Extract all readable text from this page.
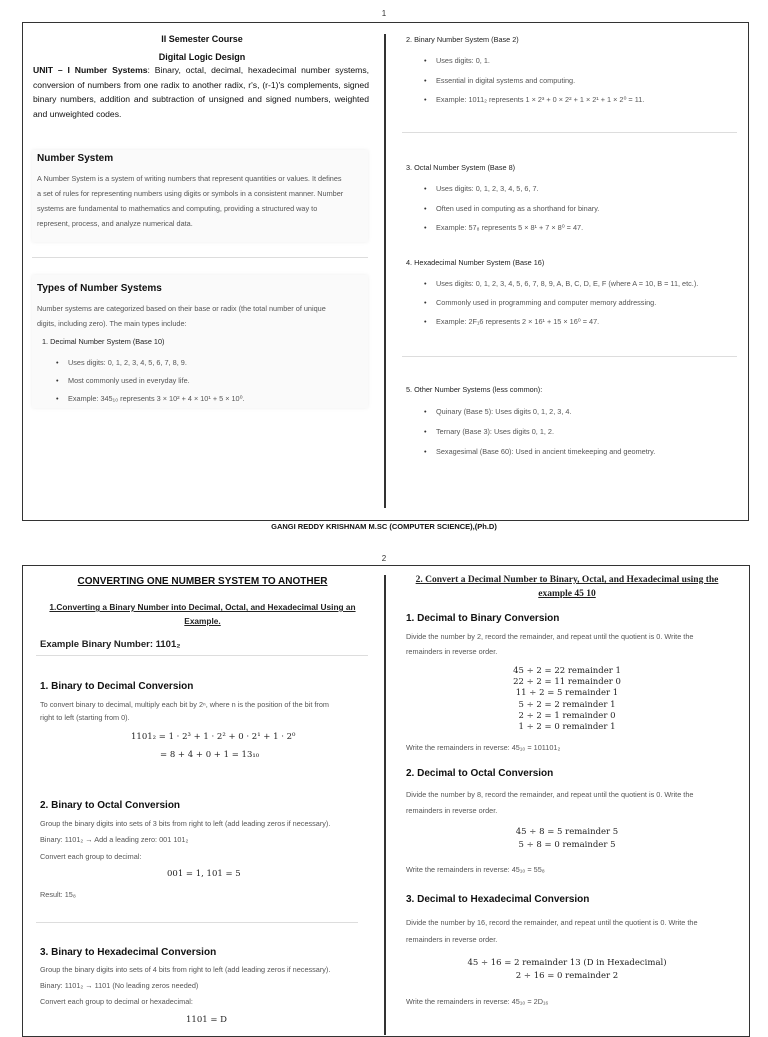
1
II Semester Course
Digital Logic Design
UNIT – I Number Systems: Binary, octal, decimal, hexadecimal number systems, conversion of numbers from one radix to another radix, r's, (r-1)'s complements, signed binary numbers, addition and subtraction of unsigned and signed numbers, weighted and unweighted codes.
Number System
A Number System is a system of writing numbers that represent quantities or values. It defines
a set of rules for representing numbers using digits or symbols in a consistent manner. Number
systems are fundamental to mathematics and computing, providing a structured way to
represent, process, and analyze numerical data.
Types of Number Systems
Number systems are categorized based on their base or radix (the total number of unique
digits, including zero). The main types include:
1. Decimal Number System (Base 10)
• Uses digits: 0, 1, 2, 3, 4, 5, 6, 7, 8, 9.
• Most commonly used in everyday life.
• Example: 345₁₀ represents 3 × 10² + 4 × 10¹ + 5 × 10⁰.
2. Binary Number System (Base 2)
• Uses digits: 0, 1.
• Essential in digital systems and computing.
• Example: 1011₂ represents 1 × 2³ + 0 × 2² + 1 × 2¹ + 1 × 2⁰ = 11.
3. Octal Number System (Base 8)
• Uses digits: 0, 1, 2, 3, 4, 5, 6, 7.
• Often used in computing as a shorthand for binary.
• Example: 57₈ represents 5 × 8¹ + 7 × 8⁰ = 47.
4. Hexadecimal Number System (Base 16)
• Uses digits: 0, 1, 2, 3, 4, 5, 6, 7, 8, 9, A, B, C, D, E, F (where A = 10, B = 11, etc.).
• Commonly used in programming and computer memory addressing.
• Example: 2F₁6 represents 2 × 16¹ + 15 × 16⁰ = 47.
5. Other Number Systems (less common):
• Quinary (Base 5): Uses digits 0, 1, 2, 3, 4.
• Ternary (Base 3): Uses digits 0, 1, 2.
• Sexagesimal (Base 60): Used in ancient timekeeping and geometry.
GANGI REDDY KRISHNAM M.SC (COMPUTER SCIENCE),(Ph.D)
2
CONVERTING ONE NUMBER SYSTEM TO ANOTHER
1.Converting a Binary Number into Decimal, Octal, and Hexadecimal Using an
Example.
Example Binary Number: 1101₂
1. Binary to Decimal Conversion
To convert binary to decimal, multiply each bit by 2ⁿ, where n is the position of the bit from
right to left (starting from 0).
1101₂ = 1 · 2³ + 1 · 2² + 0 · 2¹ + 1 · 2⁰
= 8 + 4 + 0 + 1 = 13₁₀
2. Binary to Octal Conversion
Group the binary digits into sets of 3 bits from right to left (add leading zeros if necessary).
Binary: 1101₂ → Add a leading zero: 001 101₂
Convert each group to decimal:
001 = 1, 101 = 5
Result: 15₈
3. Binary to Hexadecimal Conversion
Group the binary digits into sets of 4 bits from right to left (add leading zeros if necessary).
Binary: 1101₂ → 1101 (No leading zeros needed)
Convert each group to decimal or hexadecimal:
1101 = D
2. Convert a Decimal Number to Binary, Octal, and Hexadecimal using the
example 45 10
1. Decimal to Binary Conversion
Divide the number by 2, record the remainder, and repeat until the quotient is 0. Write the
remainders in reverse order.
45 ÷ 2 = 22 remainder 1
22 ÷ 2 = 11 remainder 0
11 ÷ 2 = 5 remainder 1
5 ÷ 2 = 2 remainder 1
2 ÷ 2 = 1 remainder 0
1 ÷ 2 = 0 remainder 1
Write the remainders in reverse: 45₁₀ = 101101₂
2. Decimal to Octal Conversion
Divide the number by 8, record the remainder, and repeat until the quotient is 0. Write the
remainders in reverse order.
45 ÷ 8 = 5 remainder 5
5 ÷ 8 = 0 remainder 5
Write the remainders in reverse: 45₁₀ = 55₈
3. Decimal to Hexadecimal Conversion
Divide the number by 16, record the remainder, and repeat until the quotient is 0. Write the
remainders in reverse order.
45 ÷ 16 = 2 remainder 13 (D in Hexadecimal)
2 ÷ 16 = 0 remainder 2
Write the remainders in reverse: 45₁₀ = 2D₁₆
